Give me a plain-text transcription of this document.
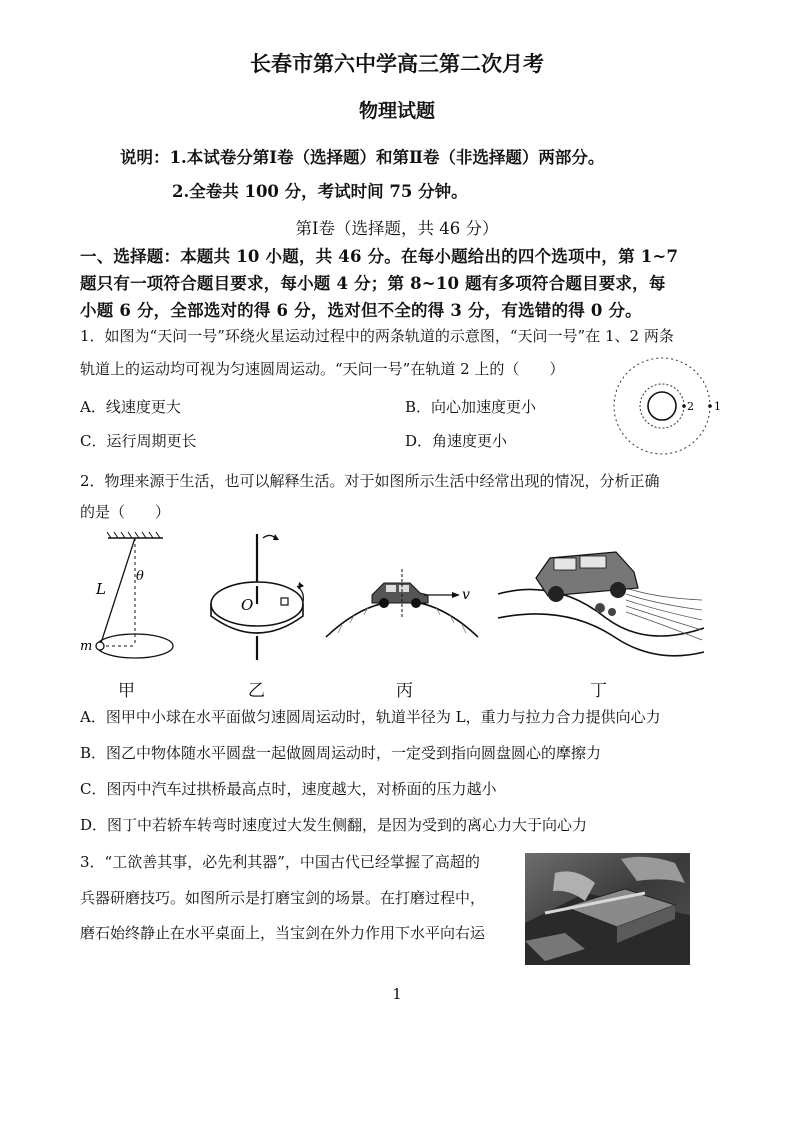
长春市第六中学高三第二次月考
物理试题
说明：1.本试卷分第Ⅰ卷（选择题）和第Ⅱ卷（非选择题）两部分。
2.全卷共 100 分，考试时间 75 分钟。
第Ⅰ卷（选择题，共 46 分）
一、选择题：本题共 10 小题，共 46 分。在每小题给出的四个选项中，第 1~7
题只有一项符合题目要求，每小题 4 分；第 8~10 题有多项符合题目要求，每
小题 6 分，全部选对的得 6 分，选对但不全的得 3 分，有选错的得 0 分。
1．如图为“天问一号”环绕火星运动过程中的两条轨道的示意图，“天问一号”在 1、2 两条
轨道上的运动均可视为匀速圆周运动。“天问一号”在轨道 2 上的（　　）
A．线速度更大	B．向心加速度更小
C．运行周期更长	D．角速度更小
2 1
2．物理来源于生活，也可以解释生活。对于如图所示生活中经常出现的情况，分析正确
的是（　　）
L
θ
m
O
v
甲	乙	丙	丁
A．图甲中小球在水平面做匀速圆周运动时，轨道半径为 L，重力与拉力合力提供向心力
B．图乙中物体随水平圆盘一起做圆周运动时，一定受到指向圆盘圆心的摩擦力
C．图丙中汽车过拱桥最高点时，速度越大，对桥面的压力越小
D．图丁中若轿车转弯时速度过大发生侧翻，是因为受到的离心力大于向心力
3．“工欲善其事，必先利其器”，中国古代已经掌握了高超的
兵器研磨技巧。如图所示是打磨宝剑的场景。在打磨过程中，
磨石始终静止在水平桌面上，当宝剑在外力作用下水平向右运
1
